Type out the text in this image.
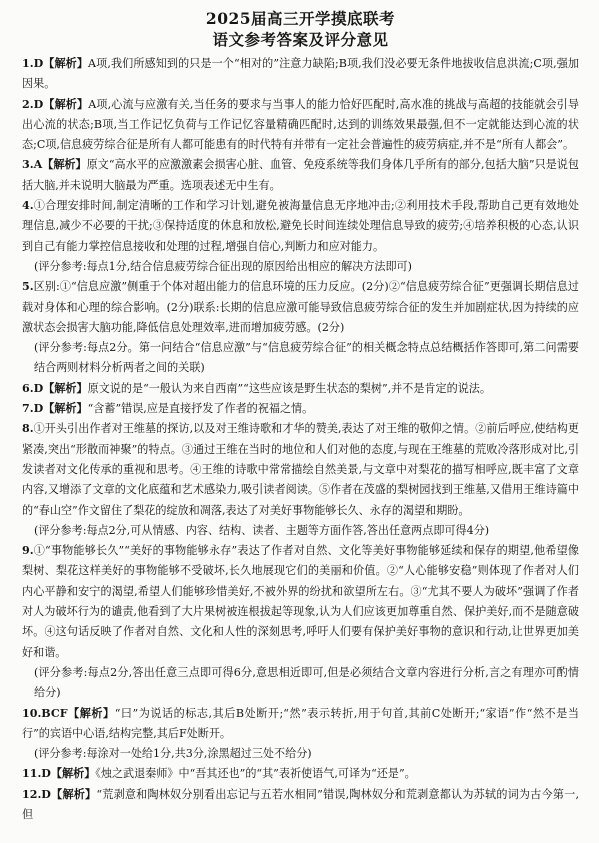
2025届高三开学摸底联考
语文参考答案及评分意见

1.D【解析】A项,我们所感知到的只是一个“相对的”注意力缺陷;B项,我们没必要无条件地拔收信息洪流;C项,强加因果。

2.D【解析】A项,心流与应激有关,当任务的要求与当事人的能力恰好匹配时,高水准的挑战与高超的技能就会引导出心流的状态;B项,当工作记忆负荷与工作记忆容量精确匹配时,达到的训练效果最强,但不一定就能达到心流的状态;C项,信息疲劳综合征是所有人都可能患有的时代特有并带有一定社会普遍性的疲劳病症,并不是“所有人都会”。

3.A【解析】原文“高水平的应激激素会损害心脏、血管、免疫系统等我们身体几乎所有的部分,包括大脑”只是说包括大脑,并未说明大脑最为严重。选项表述无中生有。

4.①合理安排时间,制定清晰的工作和学习计划,避免被海量信息无序地冲击;②利用技术手段,帮助自己更有效地处理信息,减少不必要的干扰;③保持适度的休息和放松,避免长时间连续处理信息导致的疲劳;④培养积极的心态,认识到自己有能力掌控信息接收和处理的过程,增强自信心,判断力和应对能力。

(评分参考:每点1分,结合信息疲劳综合征出现的原因给出相应的解决方法即可)

5.区别:①“信息应激”侧重于个体对超出能力的信息环境的压力反应。(2分)②“信息疲劳综合征”更强调长期信息过载对身体和心理的综合影响。(2分)联系:长期的信息应激可能导致信息疲劳综合征的发生并加剧症状,因为持续的应激状态会损害大脑功能,降低信息处理效率,进而增加疲劳感。(2分)

(评分参考:每点2分。第一问结合“信息应激”与“信息疲劳综合征”的相关概念特点总结概括作答即可,第二问需要结合两则材料分析两者之间的关联)

6.D【解析】原文说的是“一般认为来自西南”“这些应该是野生状态的梨树”,并不是肯定的说法。

7.D【解析】“含蓄”错误,应是直接抒发了作者的祝福之情。

8.①开头引出作者对王维墓的探访,以及对王维诗歌和才华的赞美,表达了对王维的敬仰之情。②前后呼应,使结构更紧凑,突出“形散而神聚”的特点。③通过王维在当时的地位和人们对他的态度,与现在王维墓的荒败冷落形成对比,引发读者对文化传承的重视和思考。④王维的诗歌中常常描绘自然美景,与文章中对梨花的描写相呼应,既丰富了文章内容,又增添了文章的文化底蕴和艺术感染力,吸引读者阅读。⑤作者在茂盛的梨树园找到王维墓,又借用王维诗篇中的“春山空”作文留住了梨花的绽放和凋落,表达了对美好事物能够长久、永存的渴望和期盼。

(评分参考:每点2分,可从情感、内容、结构、读者、主题等方面作答,答出任意两点即可得4分)

9.①“事物能够长久”“美好的事物能够永存”表达了作者对自然、文化等美好事物能够延续和保存的期望,他希望像梨树、梨花这样美好的事物能够不受破坏,长久地展现它们的美丽和价值。②“人心能够安稳”则体现了作者对人们内心平静和安宁的渴望,希望人们能够珍惜美好,不被外界的纷扰和欲望所左右。③“尤其不要人为破坏”强调了作者对人为破坏行为的谴责,他看到了大片果树被连根拔起等现象,认为人们应该更加尊重自然、保护美好,而不是随意破坏。④这句话反映了作者对自然、文化和人性的深刻思考,呼吁人们要有保护美好事物的意识和行动,让世界更加美好和谐。

(评分参考:每点2分,答出任意三点即可得6分,意思相近即可,但是必须结合文章内容进行分析,言之有理亦可酌情给分)

10.BCF【解析】“曰”为说话的标志,其后B处断开;“然”表示转折,用于句首,其前C处断开;“家语”作“然不是当行”的宾语中心语,结构完整,其后F处断开。

(评分参考:每涂对一处给1分,共3分,涂黑超过三处不给分)

11.D【解析】《烛之武退秦师》中“吾其还也”的“其”表祈使语气,可译为“还是”。

12.D【解析】“荒剥意和陶林奴分别看出忘记与五若水相同”错误,陶林奴分和荒剥意都认为苏轼的词为古今第一,但
